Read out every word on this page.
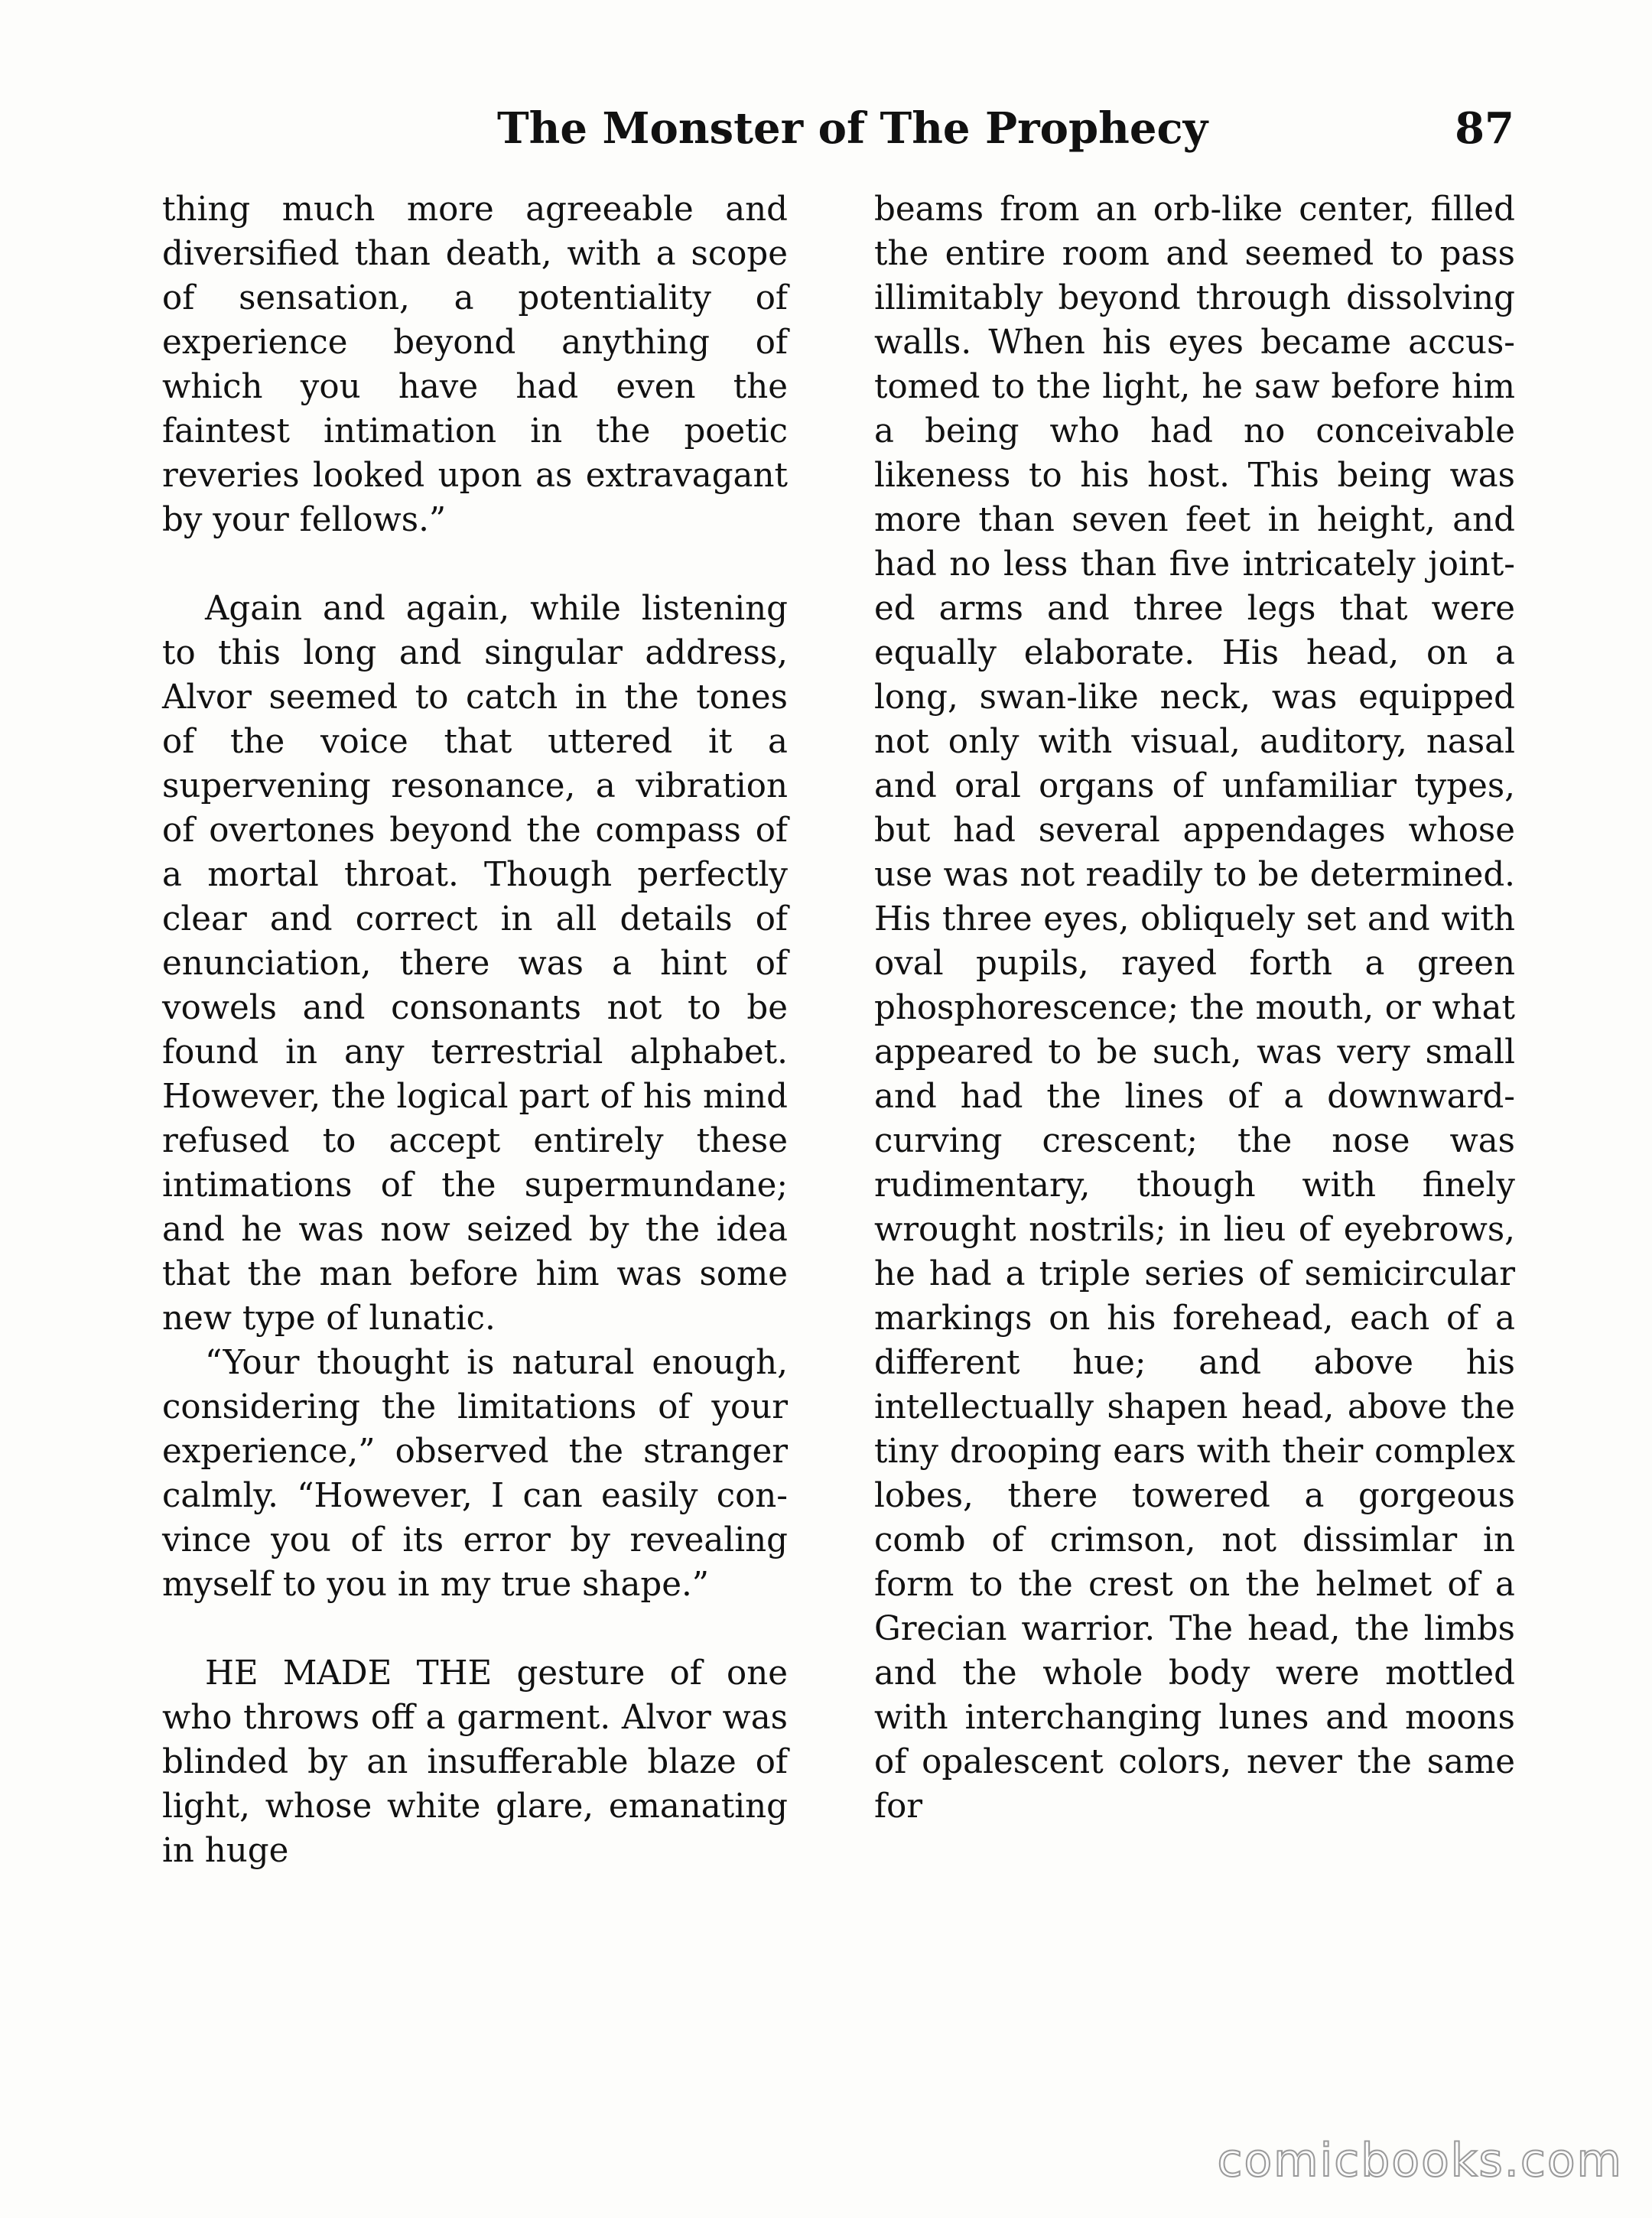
The Monster of The Prophecy	87

thing much more agreeable and diversified than death, with a scope of sensation, a potentiality of experience beyond anything of which you have had even the faintest intimation in the poetic reveries looked upon as extravagant by your fellows.”

Again and again, while listening to this long and singular address, Alvor seemed to catch in the tones of the voice that uttered it a supervening resonance, a vibration of overtones beyond the compass of a mortal throat. Though perfectly clear and correct in all details of enunciation, there was a hint of vowels and consonants not to be found in any terrestrial alphabet. However, the logical part of his mind refused to accept entirely these intimations of the supermundane; and he was now seized by the idea that the man before him was some new type of lunatic.

“Your thought is natural enough, considering the limitations of your experience,” observed the stranger calmly. “However, I can easily convince you of its error by revealing myself to you in my true shape.”

HE MADE THE gesture of one who throws off a garment. Alvor was blinded by an insufferable blaze of light, whose white glare, emanating in huge

beams from an orb-like center, filled the entire room and seemed to pass illimitably beyond through dissolving walls. When his eyes became accustomed to the light, he saw before him a being who had no conceivable likeness to his host. This being was more than seven feet in height, and had no less than five intricately jointed arms and three legs that were equally elaborate. His head, on a long, swan-like neck, was equipped not only with visual, auditory, nasal and oral organs of unfamiliar types, but had several appendages whose use was not readily to be determined. His three eyes, obliquely set and with oval pupils, rayed forth a green phosphorescence; the mouth, or what appeared to be such, was very small and had the lines of a downward-curving crescent; the nose was rudimentary, though with finely wrought nostrils; in lieu of eyebrows, he had a triple series of semicircular markings on his forehead, each of a different hue; and above his intellectually shapen head, above the tiny drooping ears with their complex lobes, there towered a gorgeous comb of crimson, not dissimlar in form to the crest on the helmet of a Grecian warrior. The head, the limbs and the whole body were mottled with interchanging lunes and moons of opalescent colors, never the same for

comicbooks.com
